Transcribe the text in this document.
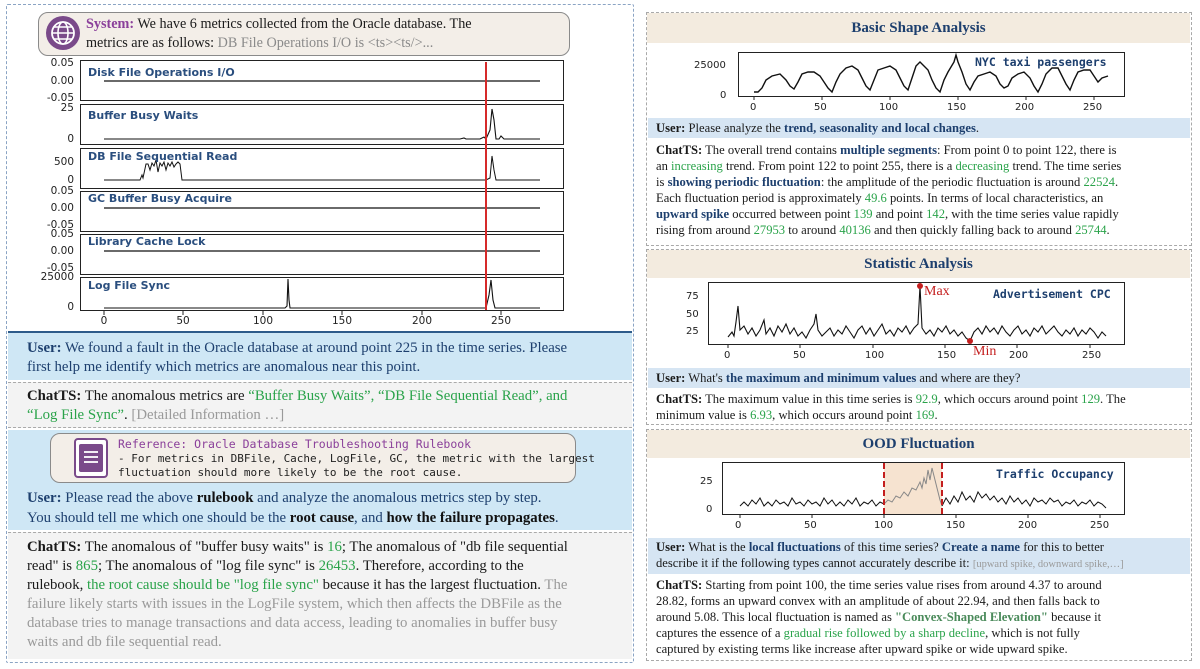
System: We have 6 metrics collected from the Oracle database. The
metrics are as follows: DB File Operations I/O is <ts><ts/>...
0.05
0.00
-0.05
25
0
500
0
0.05
0.00
-0.05
0.05
0.00
-0.05
25000
0
Disk File Operations I/O
Buffer Busy Waits
DB File Sequential Read
GC Buffer Busy Acquire
Library Cache Lock
Log File Sync
0	50	100	150	200	250
User: We found a fault in the Oracle database at around point 225 in the time series. Please
first help me identify which metrics are anomalous near this point.
ChatTS: The anomalous metrics are “Buffer Busy Waits”, “DB File Sequential Read”, and
“Log File Sync”. [Detailed Information …]
Reference: Oracle Database Troubleshooting Rulebook
- For metrics in DBFile, Cache, LogFile, GC, the metric with the largest
fluctuation should more likely to be the root cause.
User: Please read the above rulebook and analyze the anomalous metrics step by step.
You should tell me which one should be the root cause, and how the failure propagates.
ChatTS: The anomalous of "buffer busy waits" is 16; The anomalous of "db file sequential
read" is 865; The anomalous of "log file sync" is 26453. Therefore, according to the
rulebook, the root cause should be "log file sync" because it has the largest fluctuation. The
failure likely starts with issues in the LogFile system, which then affects the DBFile as the
database tries to manage transactions and data access, leading to anomalies in buffer busy
waits and db file sequential read.
Basic Shape Analysis
25000
0
NYC taxi passengers
0	50	100	150	200	250
User: Please analyze the trend, seasonality and local changes.
ChatTS: The overall trend contains multiple segments: From point 0 to point 122, there is
an increasing trend. From point 122 to point 255, there is a decreasing trend. The time series
is showing periodic fluctuation: the amplitude of the periodic fluctuation is around 22524.
Each fluctuation period is approximately 49.6 points. In terms of local characteristics, an
upward spike occurred between point 139 and point 142, with the time series value rapidly
rising from around 27953 to around 40136 and then quickly falling back to around 25744.
Statistic Analysis
75
50
25
Max
Min
Advertisement CPC
0	50	100	150	200	250
User: What's the maximum and minimum values and where are they?
ChatTS: The maximum value in this time series is 92.9, which occurs around point 129. The
minimum value is 6.93, which occurs around point 169.
OOD Fluctuation
25
0
Traffic Occupancy
0	50	100	150	200	250
User: What is the local fluctuations of this time series? Create a name for this to better
describe it if the following types cannot accurately describe it: [upward spike, downward spike,…]
ChatTS: Starting from point 100, the time series value rises from around 4.37 to around
28.82, forms an upward convex with an amplitude of about 22.94, and then falls back to
around 5.08. This local fluctuation is named as "Convex-Shaped Elevation" because it
captures the essence of a gradual rise followed by a sharp decline, which is not fully
captured by existing terms like increase after upward spike or wide upward spike.
